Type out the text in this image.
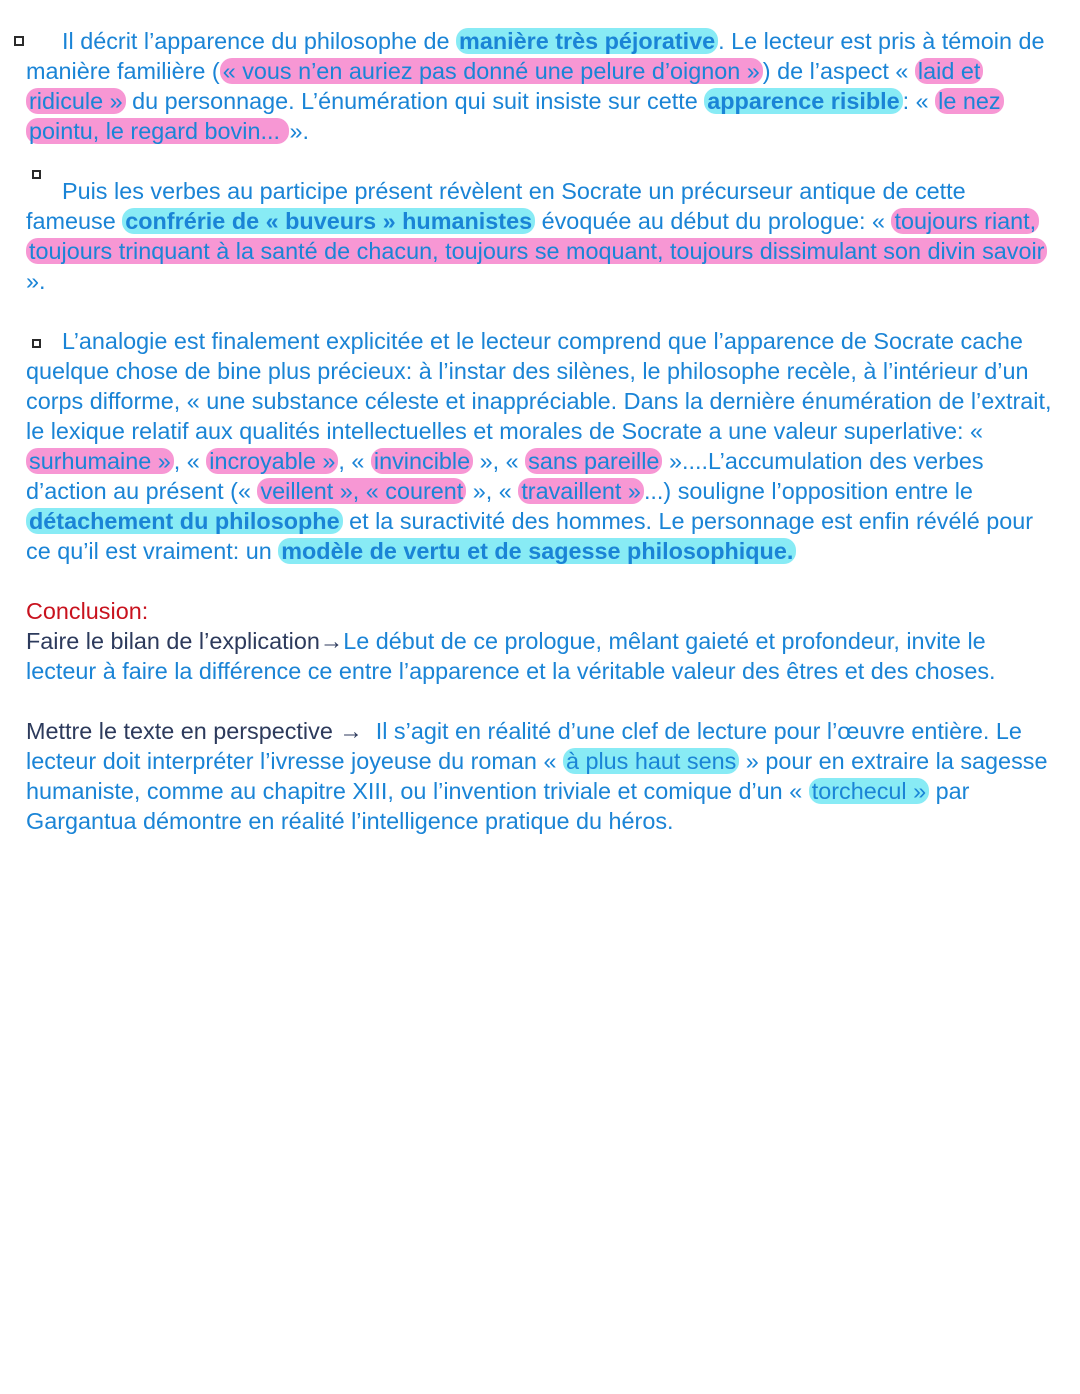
Il décrit l’apparence du philosophe de manière très péjorative . Le lecteur est pris à témoin de manière familière ( « vous n’en auriez pas donné une pelure d’oignon » ) de l’aspect « laid et ridicule » du personnage. L’énumération qui suit insiste sur cette apparence risible : « le nez pointu, le regard bovin... ».

Puis les verbes au participe présent révèlent en Socrate un précurseur antique de cette fameuse confrérie de « buveurs » humanistes évoquée au début du prologue: « toujours riant, toujours trinquant à la santé de chacun, toujours se moquant, toujours dissimulant son divin savoir ».

L’analogie est finalement explicitée et le lecteur comprend que l’apparence de Socrate cache quelque chose de bine plus précieux: à l’instar des silènes, le philosophe recèle, à l’intérieur d’un corps difforme, « une substance céleste et inappréciable. Dans la dernière énumération de l’extrait, le lexique relatif aux qualités intellectuelles et morales de Socrate a une valeur superlative: « surhumaine » , « incroyable » , « invincible », « sans pareille »....L’accumulation des verbes d’action au présent (« veillent », « courent », « travaillent » ...) souligne l’opposition entre le détachement du philosophe et la suractivité des hommes. Le personnage est enfin révélé pour ce qu’il est vraiment: un modèle de vertu et de sagesse philosophique.

Conclusion:

Faire le bilan de l’explication→Le début de ce prologue, mêlant gaieté et profondeur, invite le lecteur à faire la différence ce entre l’apparence et la véritable valeur des êtres et des choses.

Mettre le texte en perspective → Il s’agit en réalité d’une clef de lecture pour l’œuvre entière. Le lecteur doit interpréter l’ivresse joyeuse du roman « à plus haut sens » pour en extraire la sagesse humaniste, comme au chapitre XIII, ou l’invention triviale et comique d’un « torchecul » par Gargantua démontre en réalité l’intelligence pratique du héros.
